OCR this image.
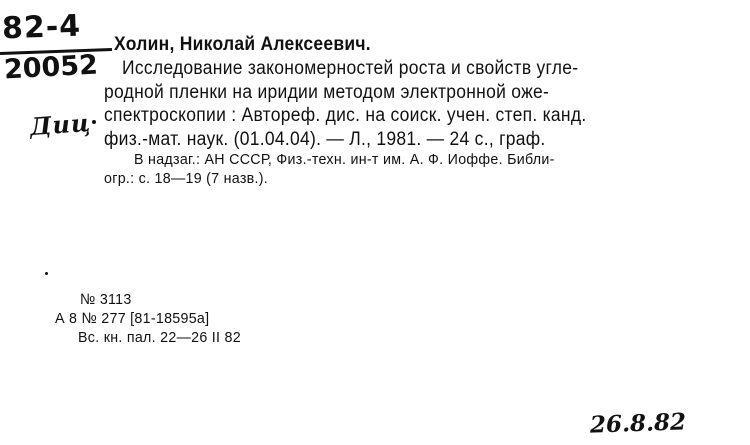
82-4
20052
Диц
Холин, Николай Алексеевич.
Исследование закономерностей роста и свойств угле-
родной пленки на иридии методом электронной оже-
спектроскопии : Автореф. дис. на соиск. учен. степ. канд.
физ.-мат. наук. (01.04.04). — Л., 1981. — 24 с., граф.
В надзаг.: АН СССР, Физ.-техн. ин-т им. А. Ф. Иоффе. Библи-
огр.: с. 18—19 (7 назв.).
№ 3113
А 8 № 277 [81-18595а]
Вс. кн. пал. 22—26 II 82
26.8.82
